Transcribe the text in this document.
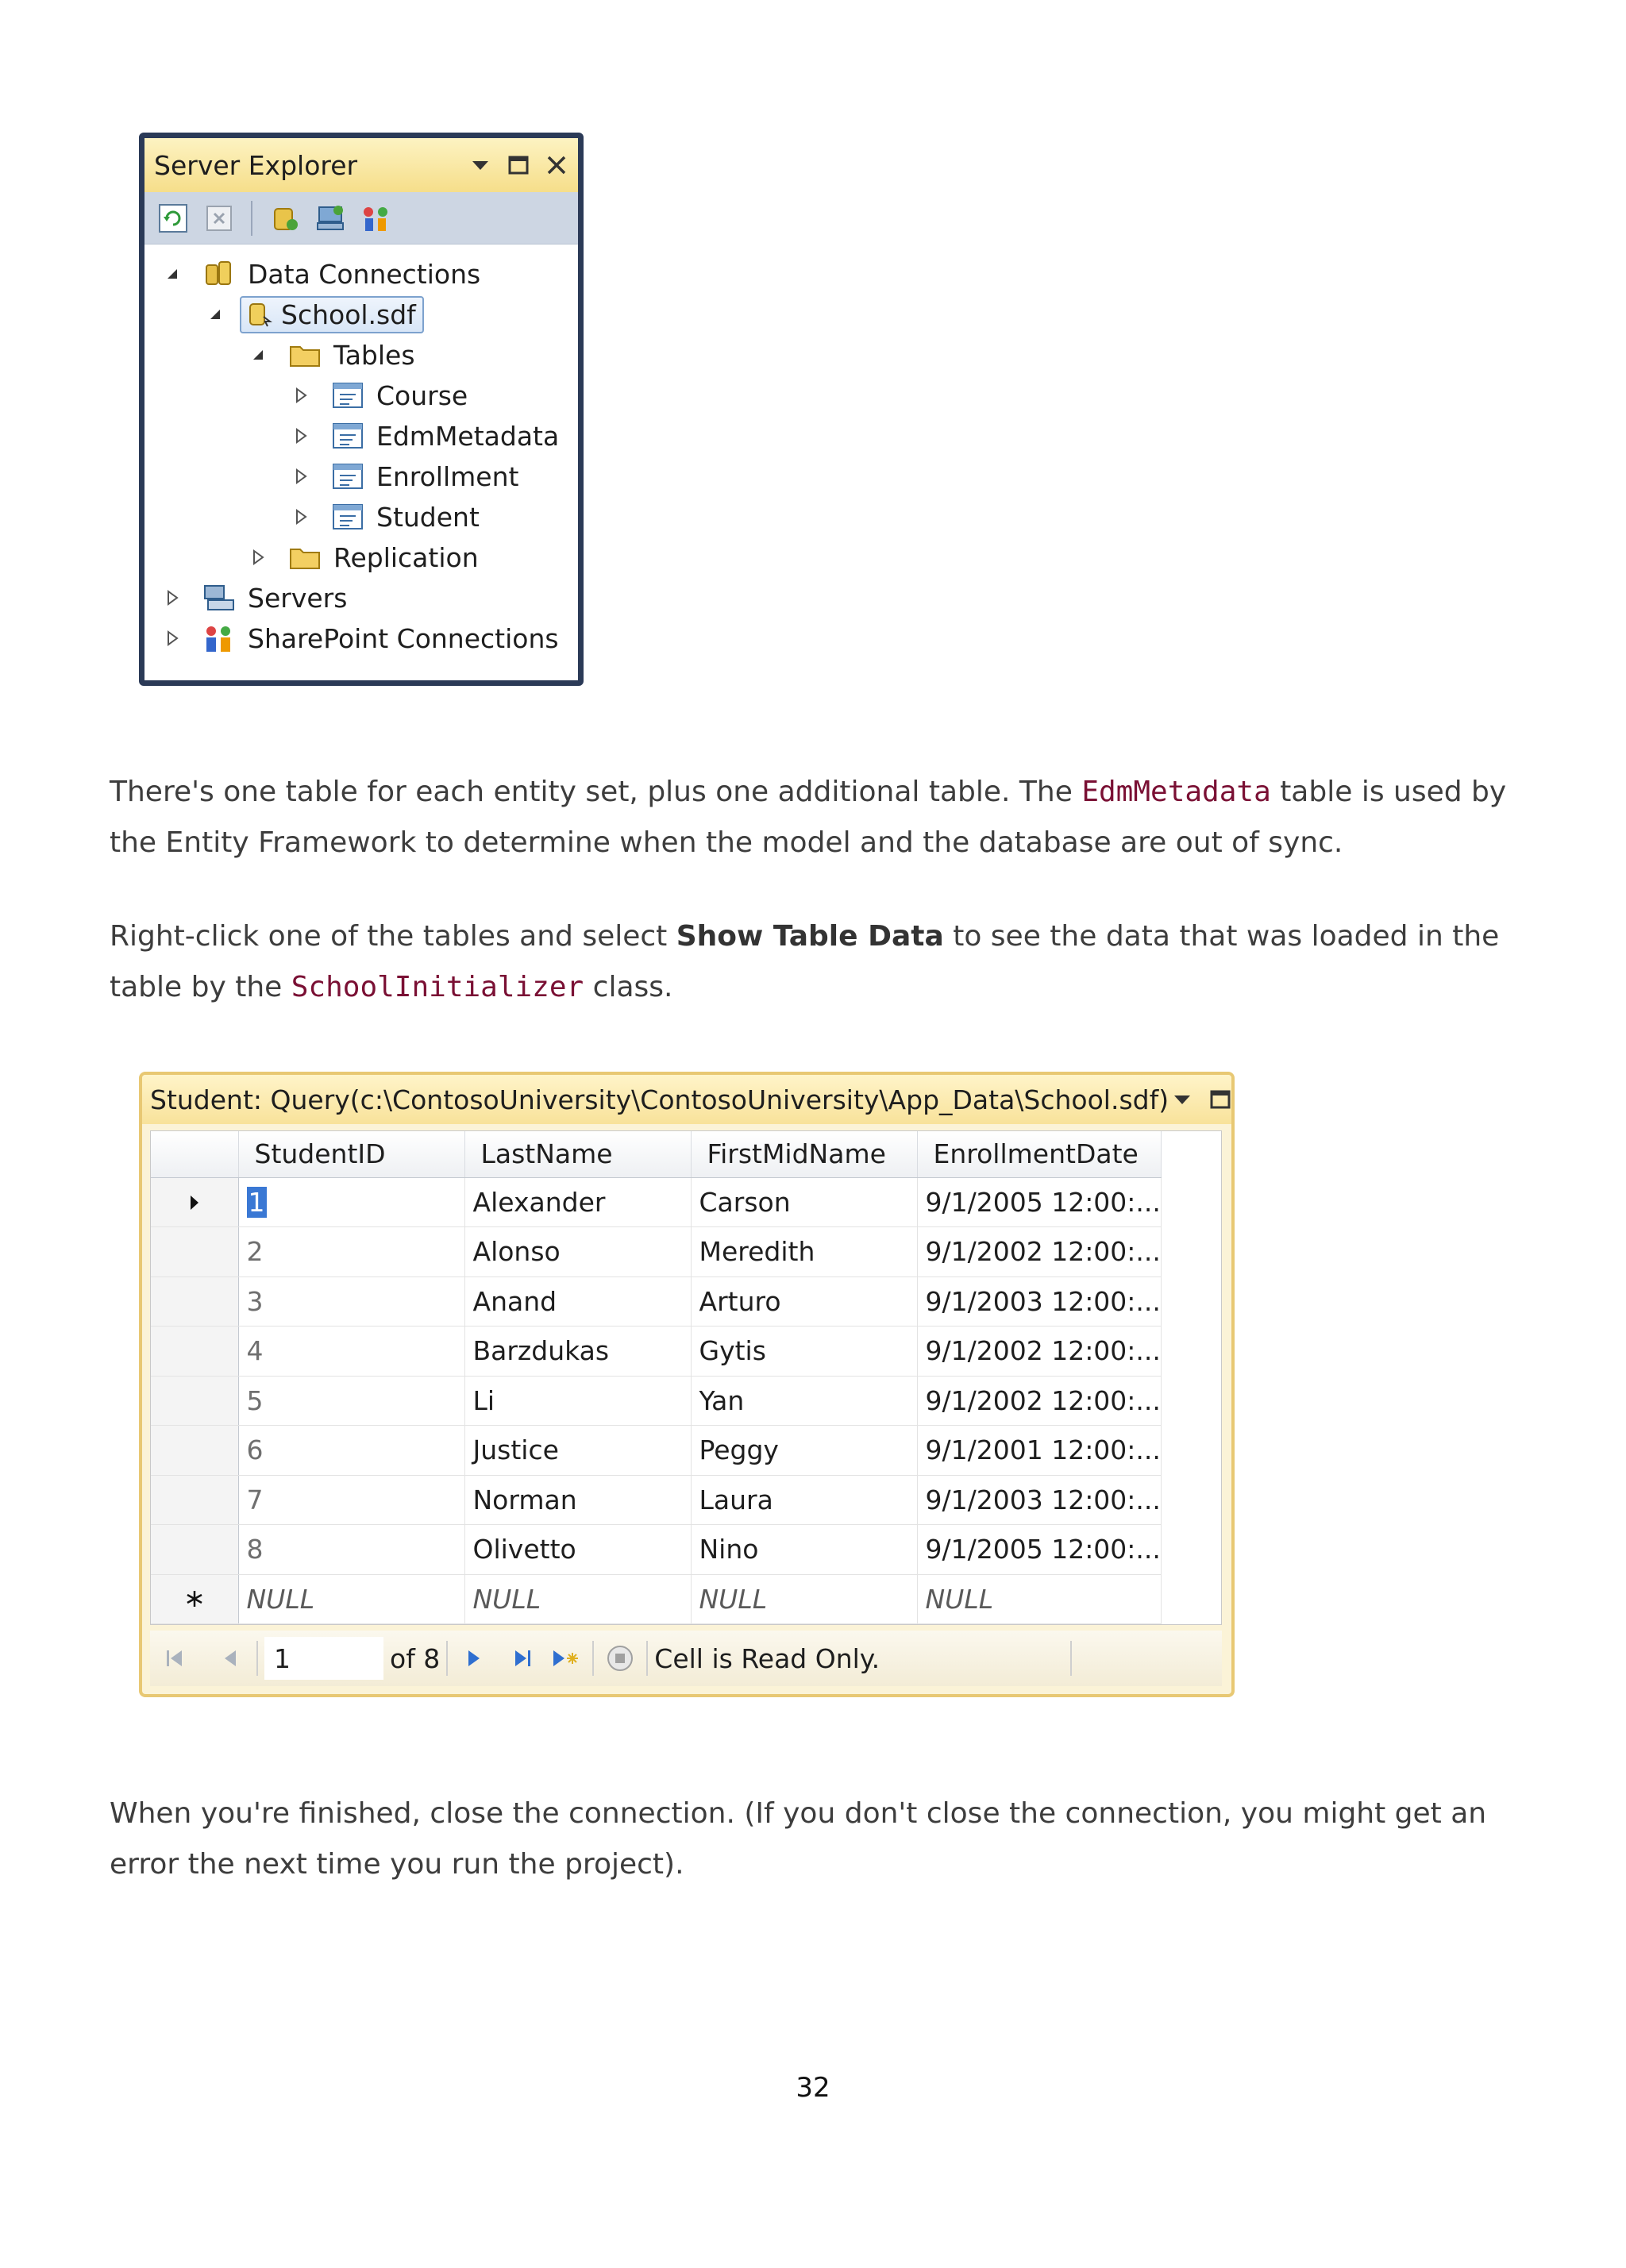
Server Explorer
Data Connections
School.sdf
Tables
Course
EdmMetadata
Enrollment
Student
Replication
Servers
SharePoint Connections

There's one table for each entity set, plus one additional table. The EdmMetadata table is used by the Entity Framework to determine when the model and the database are out of sync.

Right-click one of the tables and select Show Table Data to see the data that was loaded in the table by the SchoolInitializer class.

Student: Query(c:\ContosoUniversity\ContosoUniversity\App_Data\School.sdf)
	StudentID	LastName	FirstMidName	EnrollmentDate
	1	Alexander	Carson	9/1/2005 12:00:...
	2	Alonso	Meredith	9/1/2002 12:00:...
	3	Anand	Arturo	9/1/2003 12:00:...
	4	Barzdukas	Gytis	9/1/2002 12:00:...
	5	Li	Yan	9/1/2002 12:00:...
	6	Justice	Peggy	9/1/2001 12:00:...
	7	Norman	Laura	9/1/2003 12:00:...
	8	Olivetto	Nino	9/1/2005 12:00:...
	NULL	NULL	NULL	NULL
1	of 8	Cell is Read Only.

When you're finished, close the connection. (If you don't close the connection, you might get an error the next time you run the project).

32
